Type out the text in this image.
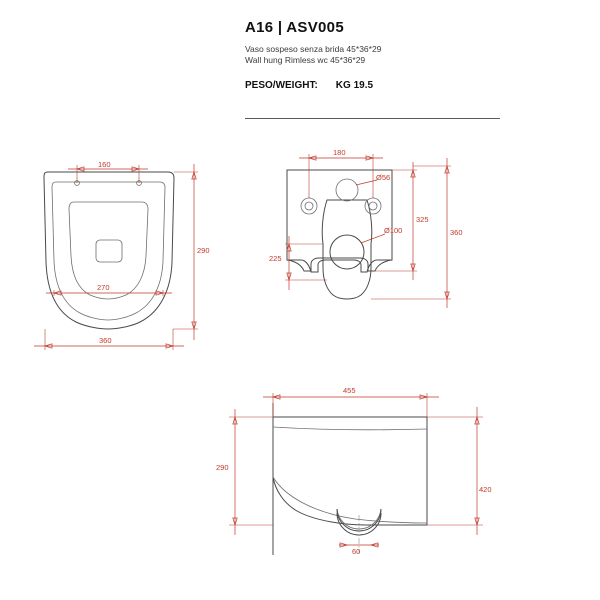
A16 | ASV005
Vaso sospeso senza brida 45*36*29
Wall hung Rimless wc 45*36*29
PESO/WEIGHT: KG 19.5
160
270
360
290
180
Ø56
Ø100
225
325
360
455
290
420
60
